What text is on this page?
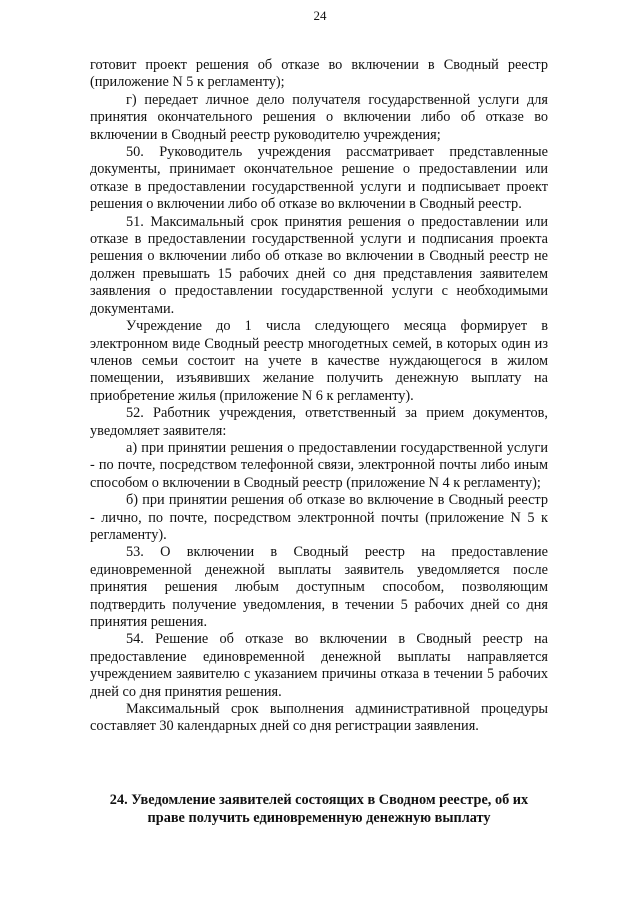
24

готовит проект решения об отказе во включении в Сводный реестр (приложение N 5 к регламенту);

г) передает личное дело получателя государственной услуги для принятия окончательного решения о включении либо об отказе во включении в Сводный реестр руководителю учреждения;

50. Руководитель учреждения рассматривает представленные документы, принимает окончательное решение о предоставлении или отказе в предоставлении государственной услуги и подписывает проект решения о включении либо об отказе во включении в Сводный реестр.

51. Максимальный срок принятия решения о предоставлении или отказе в предоставлении государственной услуги и подписания проекта решения о включении либо об отказе во включении в Сводный реестр не должен превышать 15 рабочих дней со дня представления заявителем заявления о предоставлении государственной услуги с необходимыми документами.

Учреждение до 1 числа следующего месяца формирует в электронном виде Сводный реестр многодетных семей, в которых один из членов семьи состоит на учете в качестве нуждающегося в жилом помещении, изъявивших желание получить денежную выплату на приобретение жилья (приложение N 6 к регламенту).

52. Работник учреждения, ответственный за прием документов, уведомляет заявителя:

а) при принятии решения о предоставлении государственной услуги - по почте, посредством телефонной связи, электронной почты либо иным способом о включении в Сводный реестр (приложение N 4 к регламенту);

б) при принятии решения об отказе во включение в Сводный реестр - лично, по почте, посредством электронной почты (приложение N 5 к регламенту).

53. О включении в Сводный реестр на предоставление единовременной денежной выплаты заявитель уведомляется после принятия решения любым доступным способом, позволяющим подтвердить получение уведомления, в течении 5 рабочих дней со дня принятия решения.

54. Решение об отказе во включении в Сводный реестр на предоставление единовременной денежной выплаты направляется учреждением заявителю с указанием причины отказа в течении 5 рабочих дней со дня принятия решения.

Максимальный срок выполнения административной процедуры составляет 30 календарных дней со дня регистрации заявления.

24. Уведомление заявителей состоящих в Сводном реестре, об их
праве получить единовременную денежную выплату
